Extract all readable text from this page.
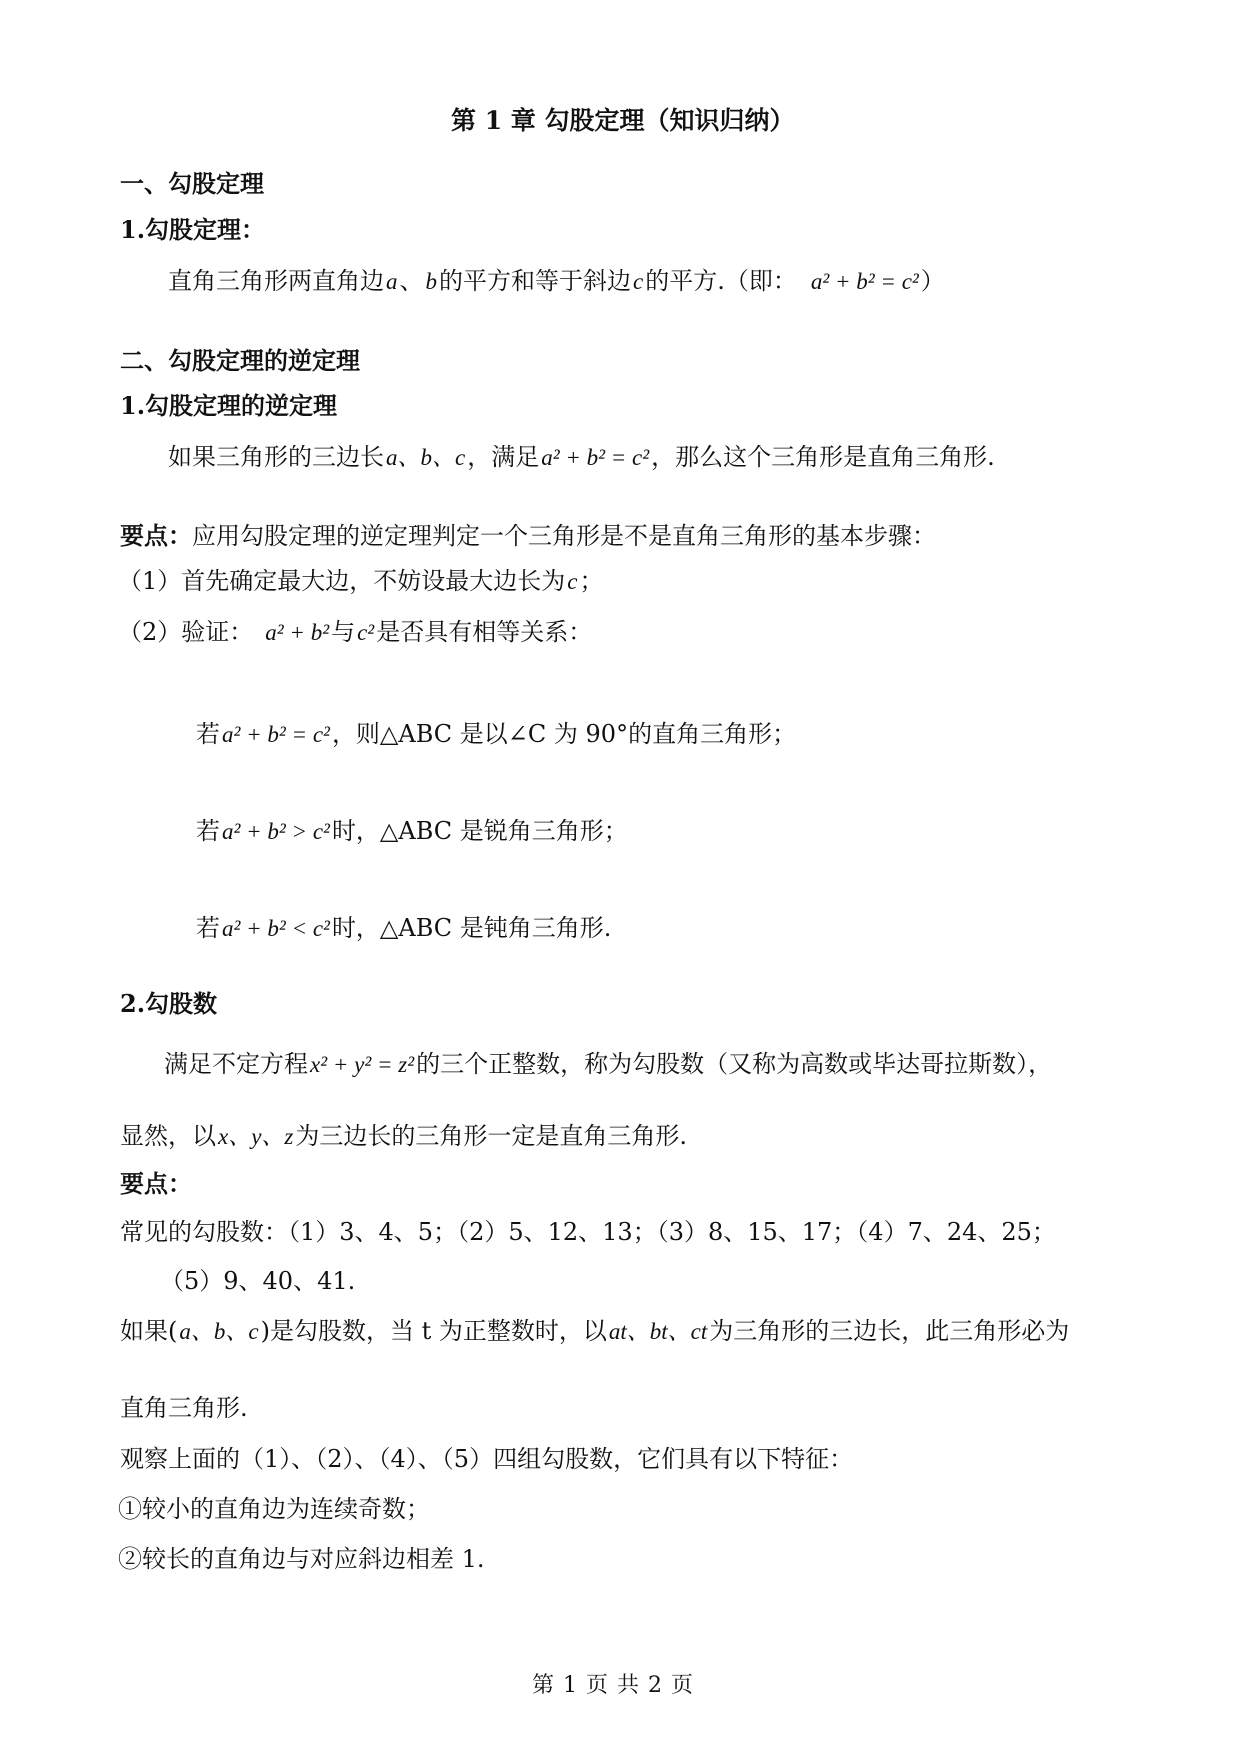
第 1 章 勾股定理（知识归纳）
一、勾股定理
1.勾股定理：
直角三角形两直角边a、b的平方和等于斜边c的平方.（即： a² + b² = c²）
二、勾股定理的逆定理
1.勾股定理的逆定理
如果三角形的三边长a、b、c，满足a² + b² = c²，那么这个三角形是直角三角形.
要点：应用勾股定理的逆定理判定一个三角形是不是直角三角形的基本步骤：
（1）首先确定最大边，不妨设最大边长为c；
（2）验证： a² + b²与c²是否具有相等关系：
若a² + b² = c²，则△ABC 是以∠C 为 90°的直角三角形；
若a² + b² > c²时，△ABC 是锐角三角形；
若a² + b² < c²时，△ABC 是钝角三角形.
2.勾股数
满足不定方程x² + y² = z²的三个正整数，称为勾股数（又称为高数或毕达哥拉斯数），
显然，以x、y、z为三边长的三角形一定是直角三角形.
要点：
常见的勾股数：（1）3、4、5；（2）5、12、13；（3）8、15、17；（4）7、24、25；
（5）9、40、41.
如果(a、b、c)是勾股数，当 t 为正整数时，以at、bt、ct为三角形的三边长，此三角形必为
直角三角形.
观察上面的（1）、（2）、（4）、（5）四组勾股数，它们具有以下特征：
①较小的直角边为连续奇数；
②较长的直角边与对应斜边相差 1.
第 1 页 共 2 页
